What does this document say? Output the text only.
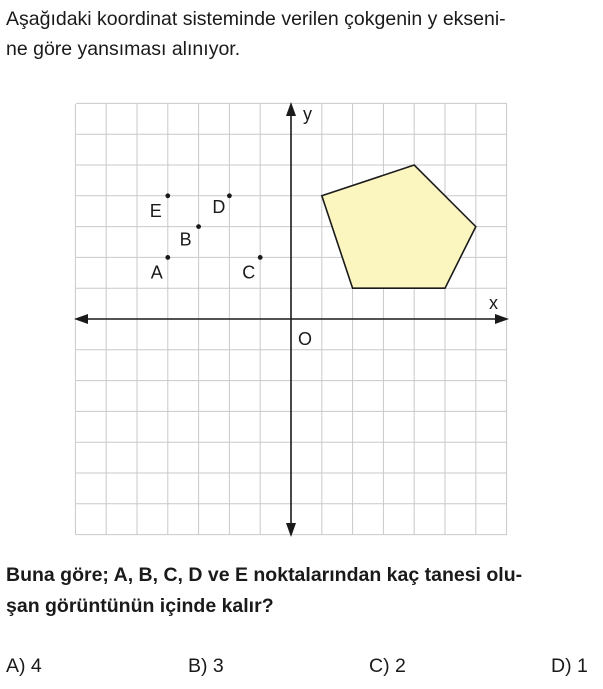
Aşağıdaki koordinat sisteminde verilen çokgenin y ekseni-
ne göre yansıması alınıyor.
x
y
O
A
B
C
D
E
Buna göre; A, B, C, D ve E noktalarından kaç tanesi olu-
şan görüntünün içinde kalır?
A) 4	B) 3	C) 2	D) 1
